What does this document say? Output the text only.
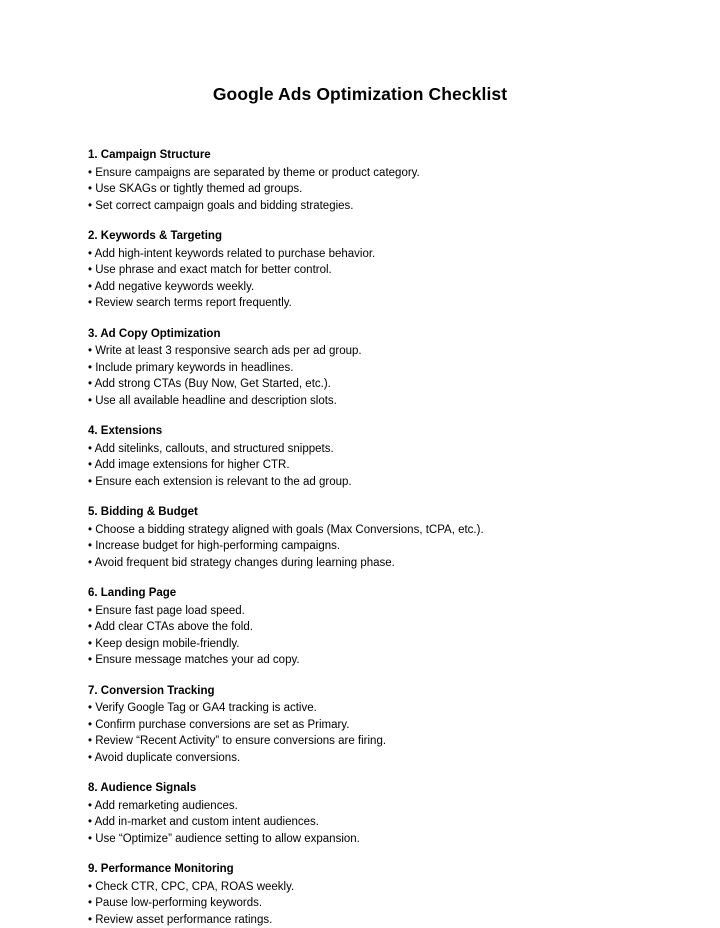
Google Ads Optimization Checklist

1. Campaign Structure

• Ensure campaigns are separated by theme or product category.

• Use SKAGs or tightly themed ad groups.

• Set correct campaign goals and bidding strategies.

2. Keywords & Targeting

• Add high-intent keywords related to purchase behavior.

• Use phrase and exact match for better control.

• Add negative keywords weekly.

• Review search terms report frequently.

3. Ad Copy Optimization

• Write at least 3 responsive search ads per ad group.

• Include primary keywords in headlines.

• Add strong CTAs (Buy Now, Get Started, etc.).

• Use all available headline and description slots.

4. Extensions

• Add sitelinks, callouts, and structured snippets.

• Add image extensions for higher CTR.

• Ensure each extension is relevant to the ad group.

5. Bidding & Budget

• Choose a bidding strategy aligned with goals (Max Conversions, tCPA, etc.).

• Increase budget for high-performing campaigns.

• Avoid frequent bid strategy changes during learning phase.

6. Landing Page

• Ensure fast page load speed.

• Add clear CTAs above the fold.

• Keep design mobile-friendly.

• Ensure message matches your ad copy.

7. Conversion Tracking

• Verify Google Tag or GA4 tracking is active.

• Confirm purchase conversions are set as Primary.

• Review “Recent Activity” to ensure conversions are firing.

• Avoid duplicate conversions.

8. Audience Signals

• Add remarketing audiences.

• Add in-market and custom intent audiences.

• Use “Optimize” audience setting to allow expansion.

9. Performance Monitoring

• Check CTR, CPC, CPA, ROAS weekly.

• Pause low-performing keywords.

• Review asset performance ratings.
